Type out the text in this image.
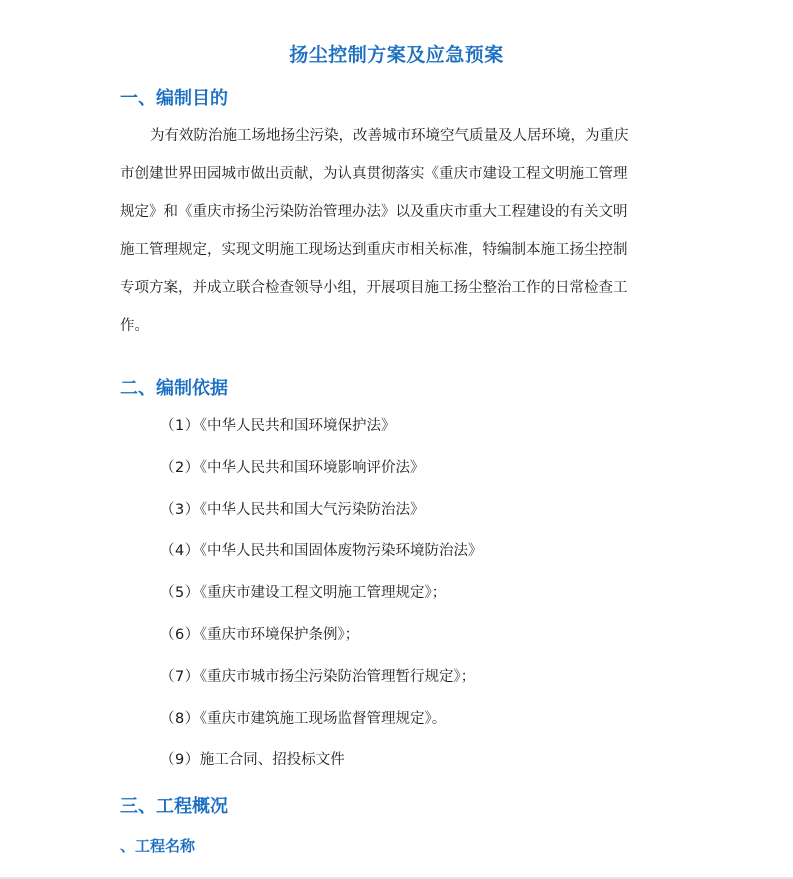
扬尘控制方案及应急预案
一、编制目的
为有效防治施工场地扬尘污染，改善城市环境空气质量及人居环境，为重庆
市创建世界田园城市做出贡献，为认真贯彻落实《重庆市建设工程文明施工管理
规定》和《重庆市扬尘污染防治管理办法》以及重庆市重大工程建设的有关文明
施工管理规定，实现文明施工现场达到重庆市相关标准，特编制本施工扬尘控制
专项方案，并成立联合检查领导小组，开展项目施工扬尘整治工作的日常检查工
作。
二、编制依据
（1）《中华人民共和国环境保护法》
（2）《中华人民共和国环境影响评价法》
（3）《中华人民共和国大气污染防治法》
（4）《中华人民共和国固体废物污染环境防治法》
（5）《重庆市建设工程文明施工管理规定》；
（6）《重庆市环境保护条例》；
（7）《重庆市城市扬尘污染防治管理暂行规定》；
（8）《重庆市建筑施工现场监督管理规定》。
（9）施工合同、招投标文件
三、工程概况
、工程名称
